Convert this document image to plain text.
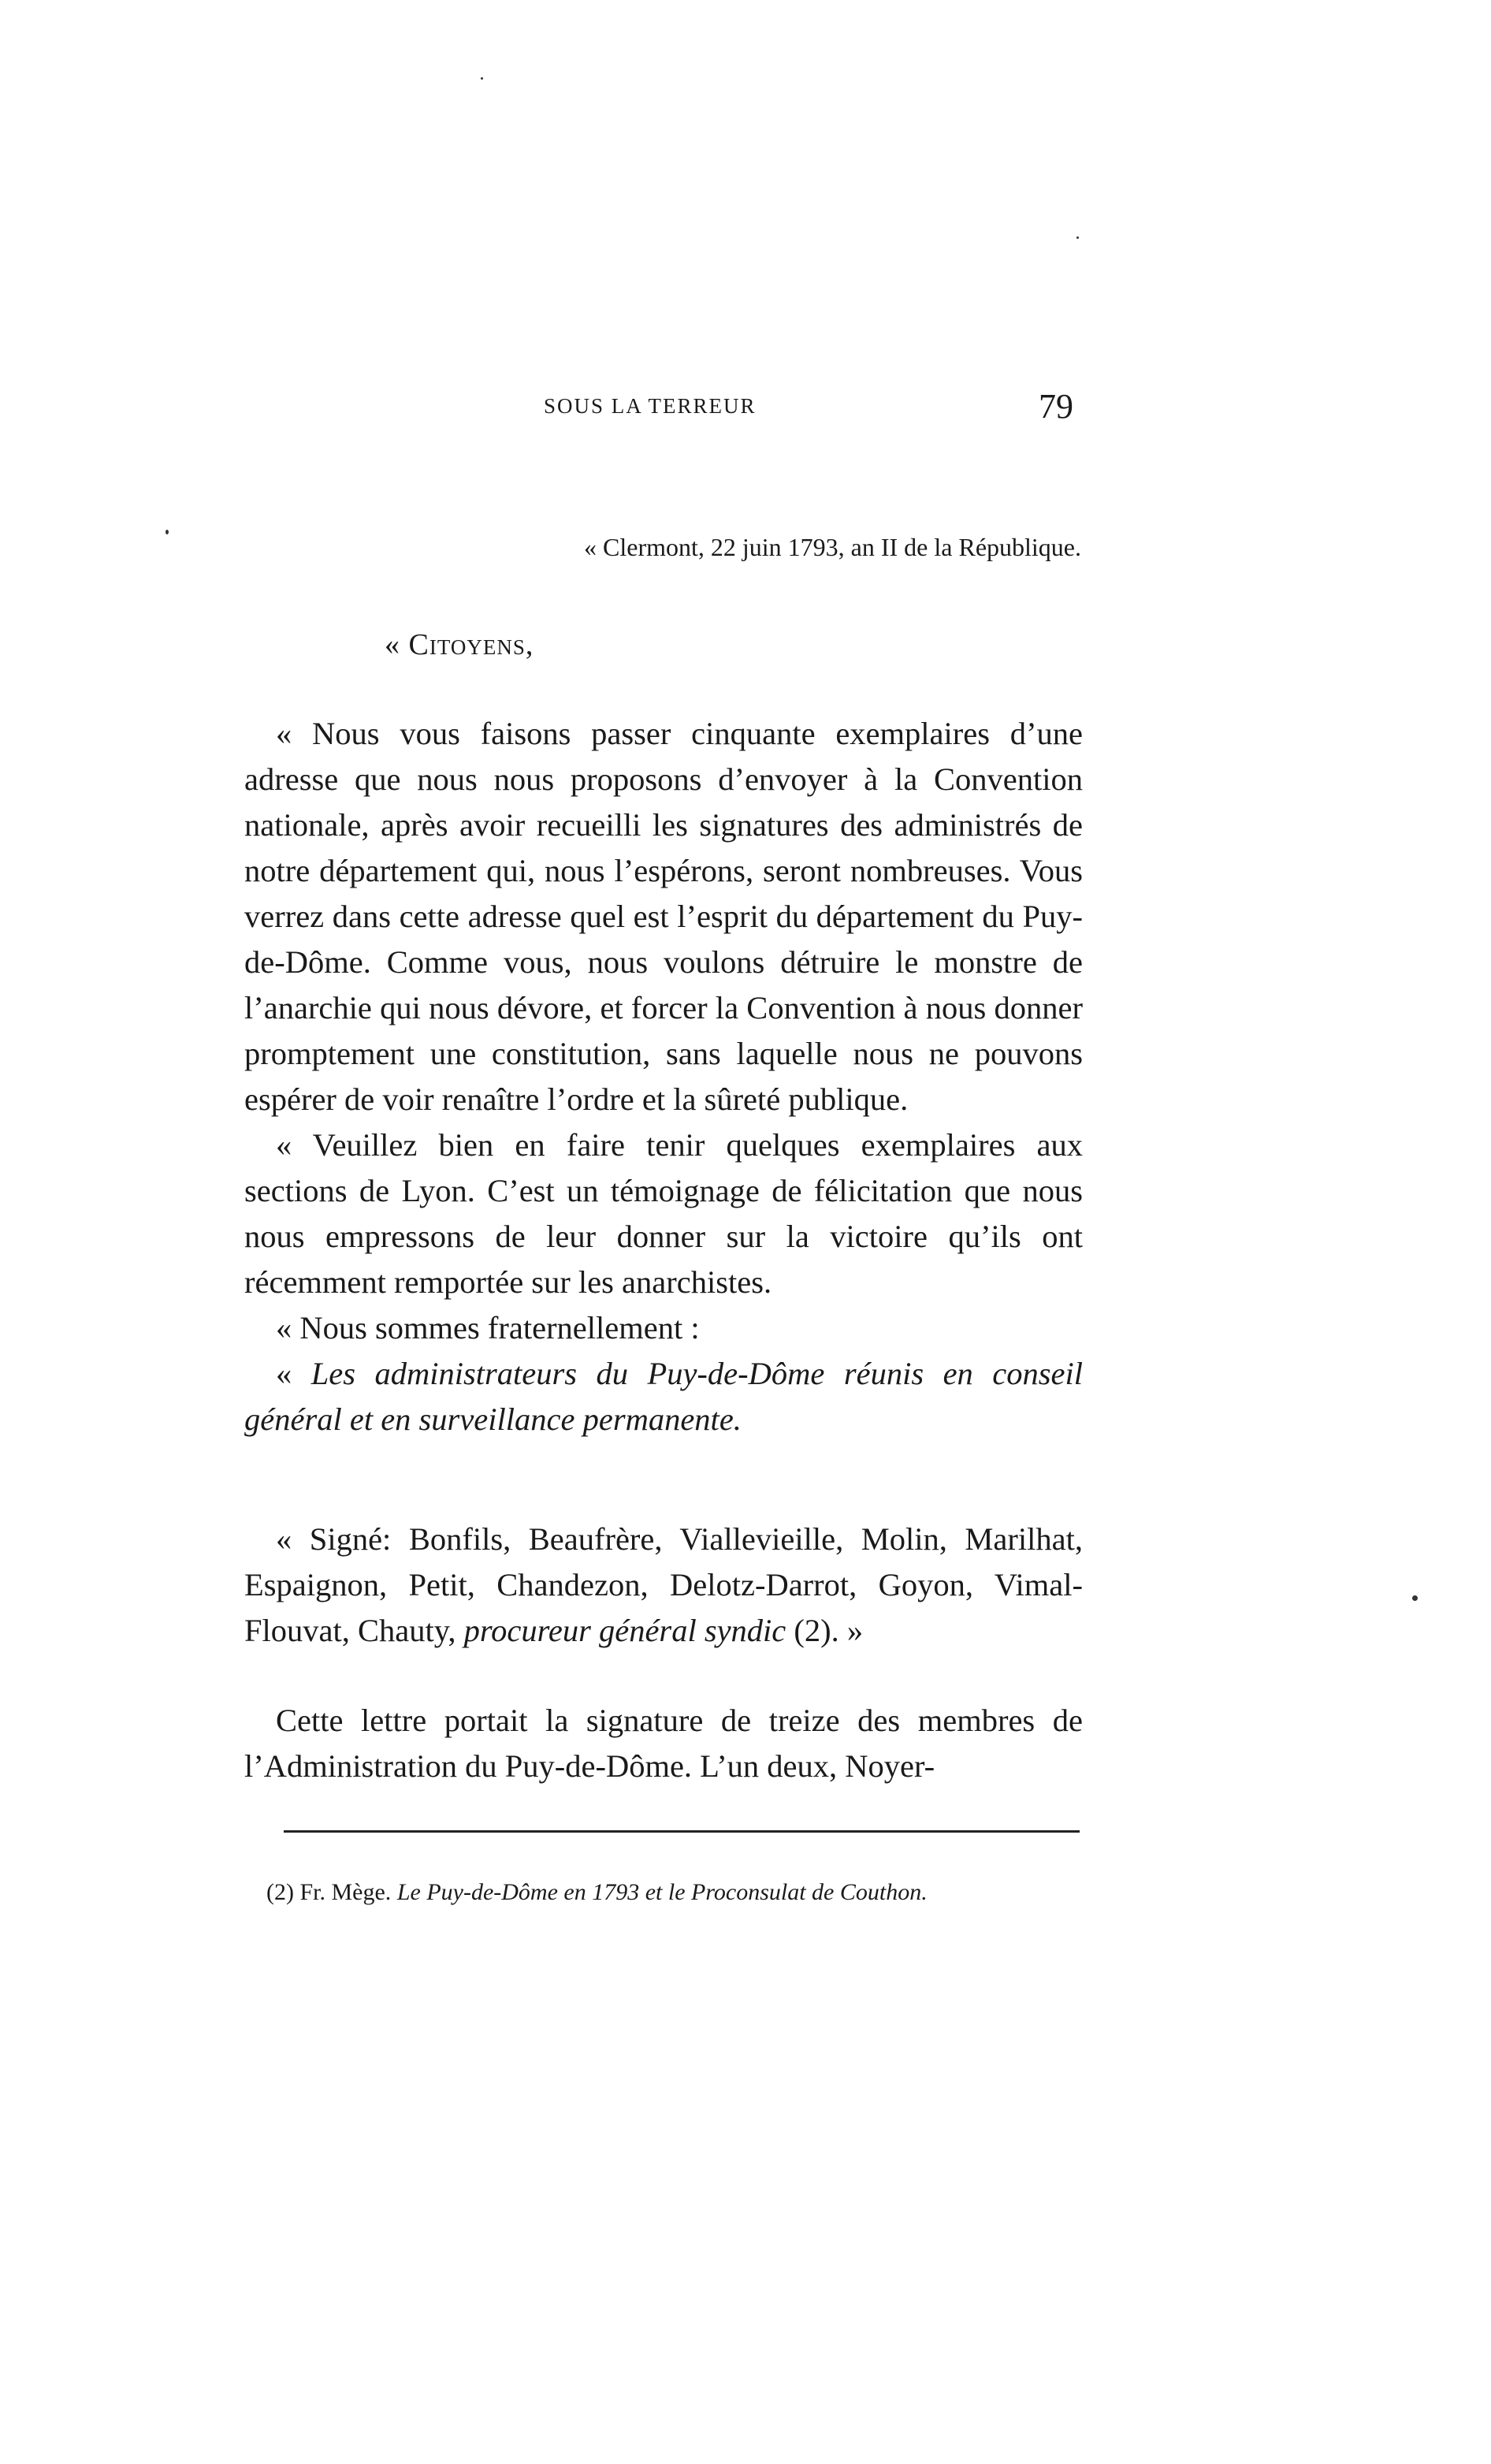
SOUS LA TERREUR	79
« Clermont, 22 juin 1793, an II de la République.
« Citoyens,

« Nous vous faisons passer cinquante exemplaires d’une adresse que nous nous proposons d’envoyer à la Convention nationale, après avoir recueilli les signatures des administrés de notre département qui, nous l’espérons, seront nombreuses. Vous verrez dans cette adresse quel est l’esprit du département du Puy-de-Dôme. Comme vous, nous voulons détruire le monstre de l’anarchie qui nous dévore, et forcer la Convention à nous donner promptement une constitution, sans laquelle nous ne pouvons espérer de voir renaître l’ordre et la sûreté publique.

« Veuillez bien en faire tenir quelques exemplaires aux sections de Lyon. C’est un témoignage de félicitation que nous nous empressons de leur donner sur la victoire qu’ils ont récemment remportée sur les anarchistes.

« Nous sommes fraternellement :

« Les administrateurs du Puy-de-Dôme réunis en conseil général et en surveillance permanente.

« Signé: Bonfils, Beaufrère, Viallevieille, Molin, Marilhat, Espaignon, Petit, Chandezon, Delotz-Darrot, Goyon, Vimal-Flouvat, Chauty, procureur général syndic (2). »

Cette lettre portait la signature de treize des membres de l’Administration du Puy-de-Dôme. L’un deux, Noyer-

(2) Fr. Mège. Le Puy-de-Dôme en 1793 et le Proconsulat de Couthon.
